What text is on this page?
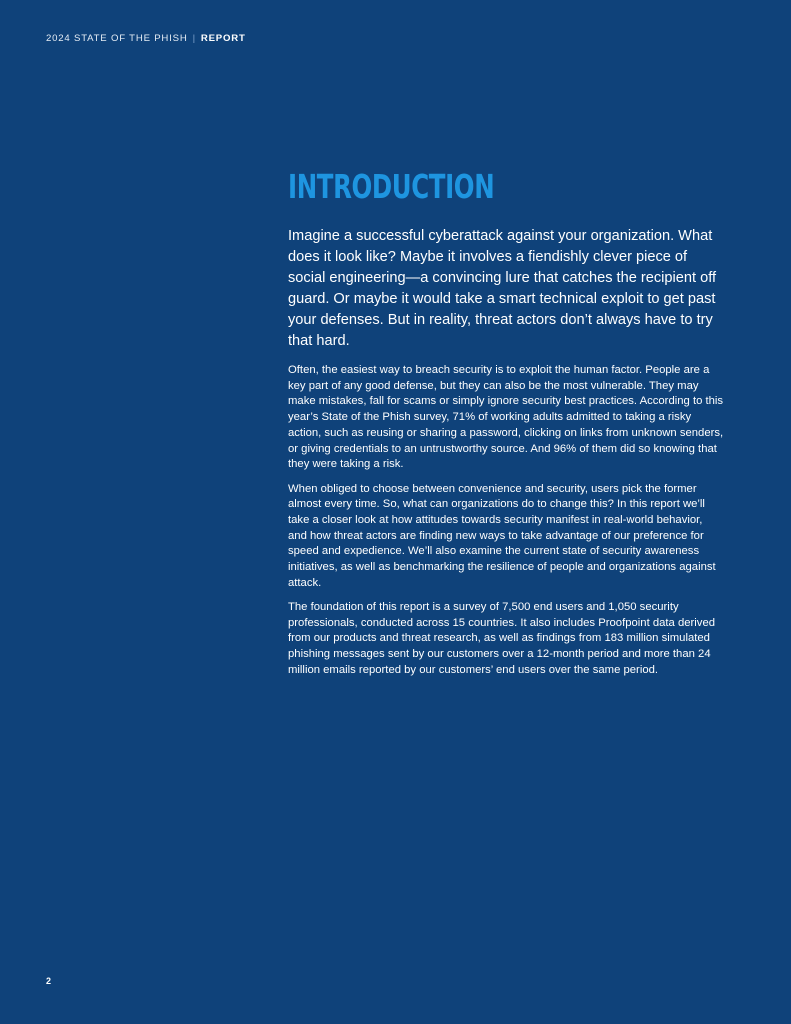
2024 STATE OF THE PHISH | REPORT
INTRODUCTION

Imagine a successful cyberattack against your organization. What does it look like? Maybe it involves a fiendishly clever piece of social engineering—a convincing lure that catches the recipient off guard. Or maybe it would take a smart technical exploit to get past your defenses. But in reality, threat actors don’t always have to try that hard.

Often, the easiest way to breach security is to exploit the human factor. People are a key part of any good defense, but they can also be the most vulnerable. They may make mistakes, fall for scams or simply ignore security best practices. According to this year’s State of the Phish survey, 71% of working adults admitted to taking a risky action, such as reusing or sharing a password, clicking on links from unknown senders, or giving credentials to an untrustworthy source. And 96% of them did so knowing that they were taking a risk.

When obliged to choose between convenience and security, users pick the former almost every time. So, what can organizations do to change this? In this report we’ll take a closer look at how attitudes towards security manifest in real-world behavior, and how threat actors are finding new ways to take advantage of our preference for speed and expedience. We’ll also examine the current state of security awareness initiatives, as well as benchmarking the resilience of people and organizations against attack.

The foundation of this report is a survey of 7,500 end users and 1,050 security professionals, conducted across 15 countries. It also includes Proofpoint data derived from our products and threat research, as well as findings from 183 million simulated phishing messages sent by our customers over a 12-month period and more than 24 million emails reported by our customers’ end users over the same period.

2
